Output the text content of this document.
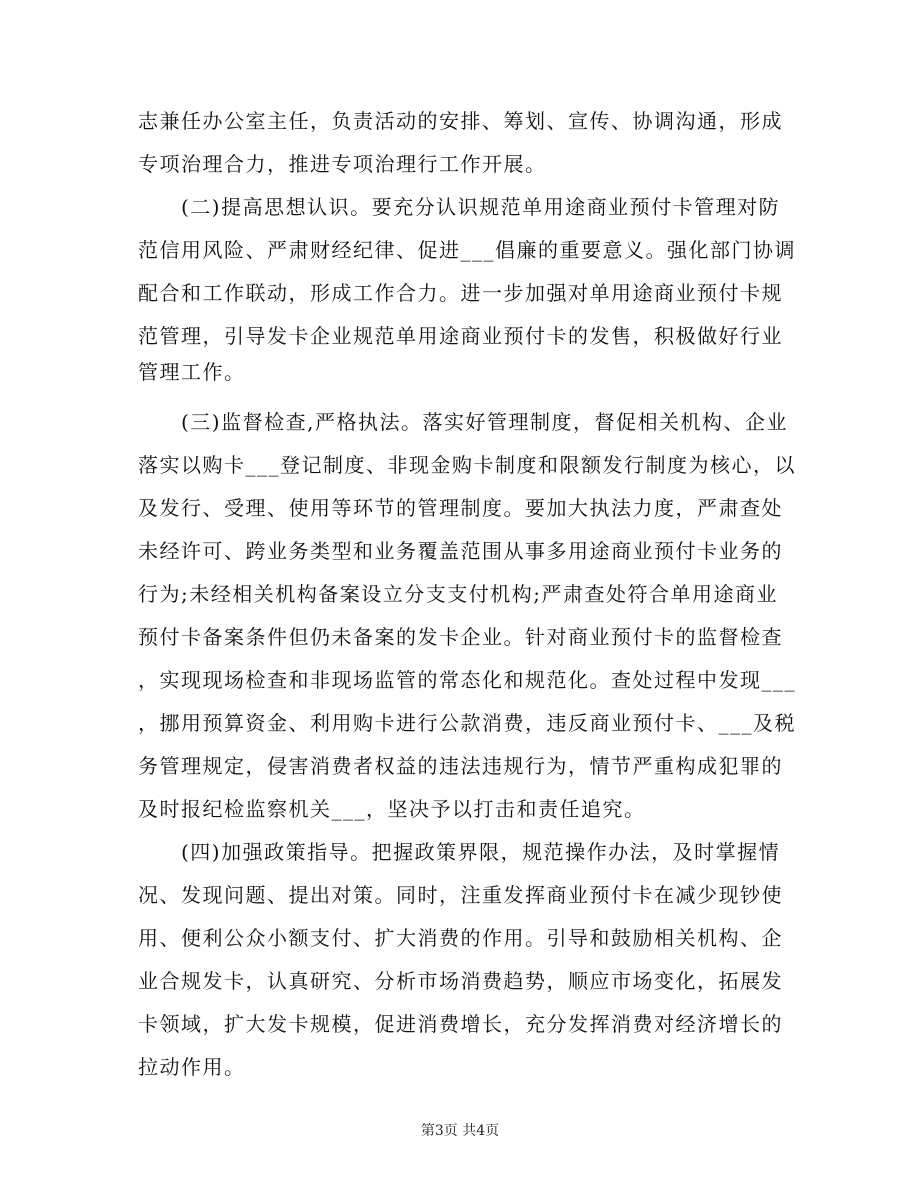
志兼任办公室主任，负责活动的安排、筹划、宣传、协调沟通，形成
专项治理合力，推进专项治理行工作开展。
　　(二)提高思想认识。要充分认识规范单用途商业预付卡管理对防
范信用风险、严肃财经纪律、促进___倡廉的重要意义。强化部门协调
配合和工作联动，形成工作合力。进一步加强对单用途商业预付卡规
范管理，引导发卡企业规范单用途商业预付卡的发售，积极做好行业
管理工作。
　　(三)监督检查,严格执法。落实好管理制度，督促相关机构、企业
落实以购卡___登记制度、非现金购卡制度和限额发行制度为核心，以
及发行、受理、使用等环节的管理制度。要加大执法力度，严肃查处
未经许可、跨业务类型和业务覆盖范围从事多用途商业预付卡业务的
行为;未经相关机构备案设立分支支付机构;严肃查处符合单用途商业
预付卡备案条件但仍未备案的发卡企业。针对商业预付卡的监督检查
，实现现场检查和非现场监管的常态化和规范化。查处过程中发现___
，挪用预算资金、利用购卡进行公款消费，违反商业预付卡、___及税
务管理规定，侵害消费者权益的违法违规行为，情节严重构成犯罪的
及时报纪检监察机关___，坚决予以打击和责任追究。
　　(四)加强政策指导。把握政策界限，规范操作办法，及时掌握情
况、发现问题、提出对策。同时，注重发挥商业预付卡在减少现钞使
用、便利公众小额支付、扩大消费的作用。引导和鼓励相关机构、企
业合规发卡，认真研究、分析市场消费趋势，顺应市场变化，拓展发
卡领域，扩大发卡规模，促进消费增长，充分发挥消费对经济增长的
拉动作用。
第3页 共4页
